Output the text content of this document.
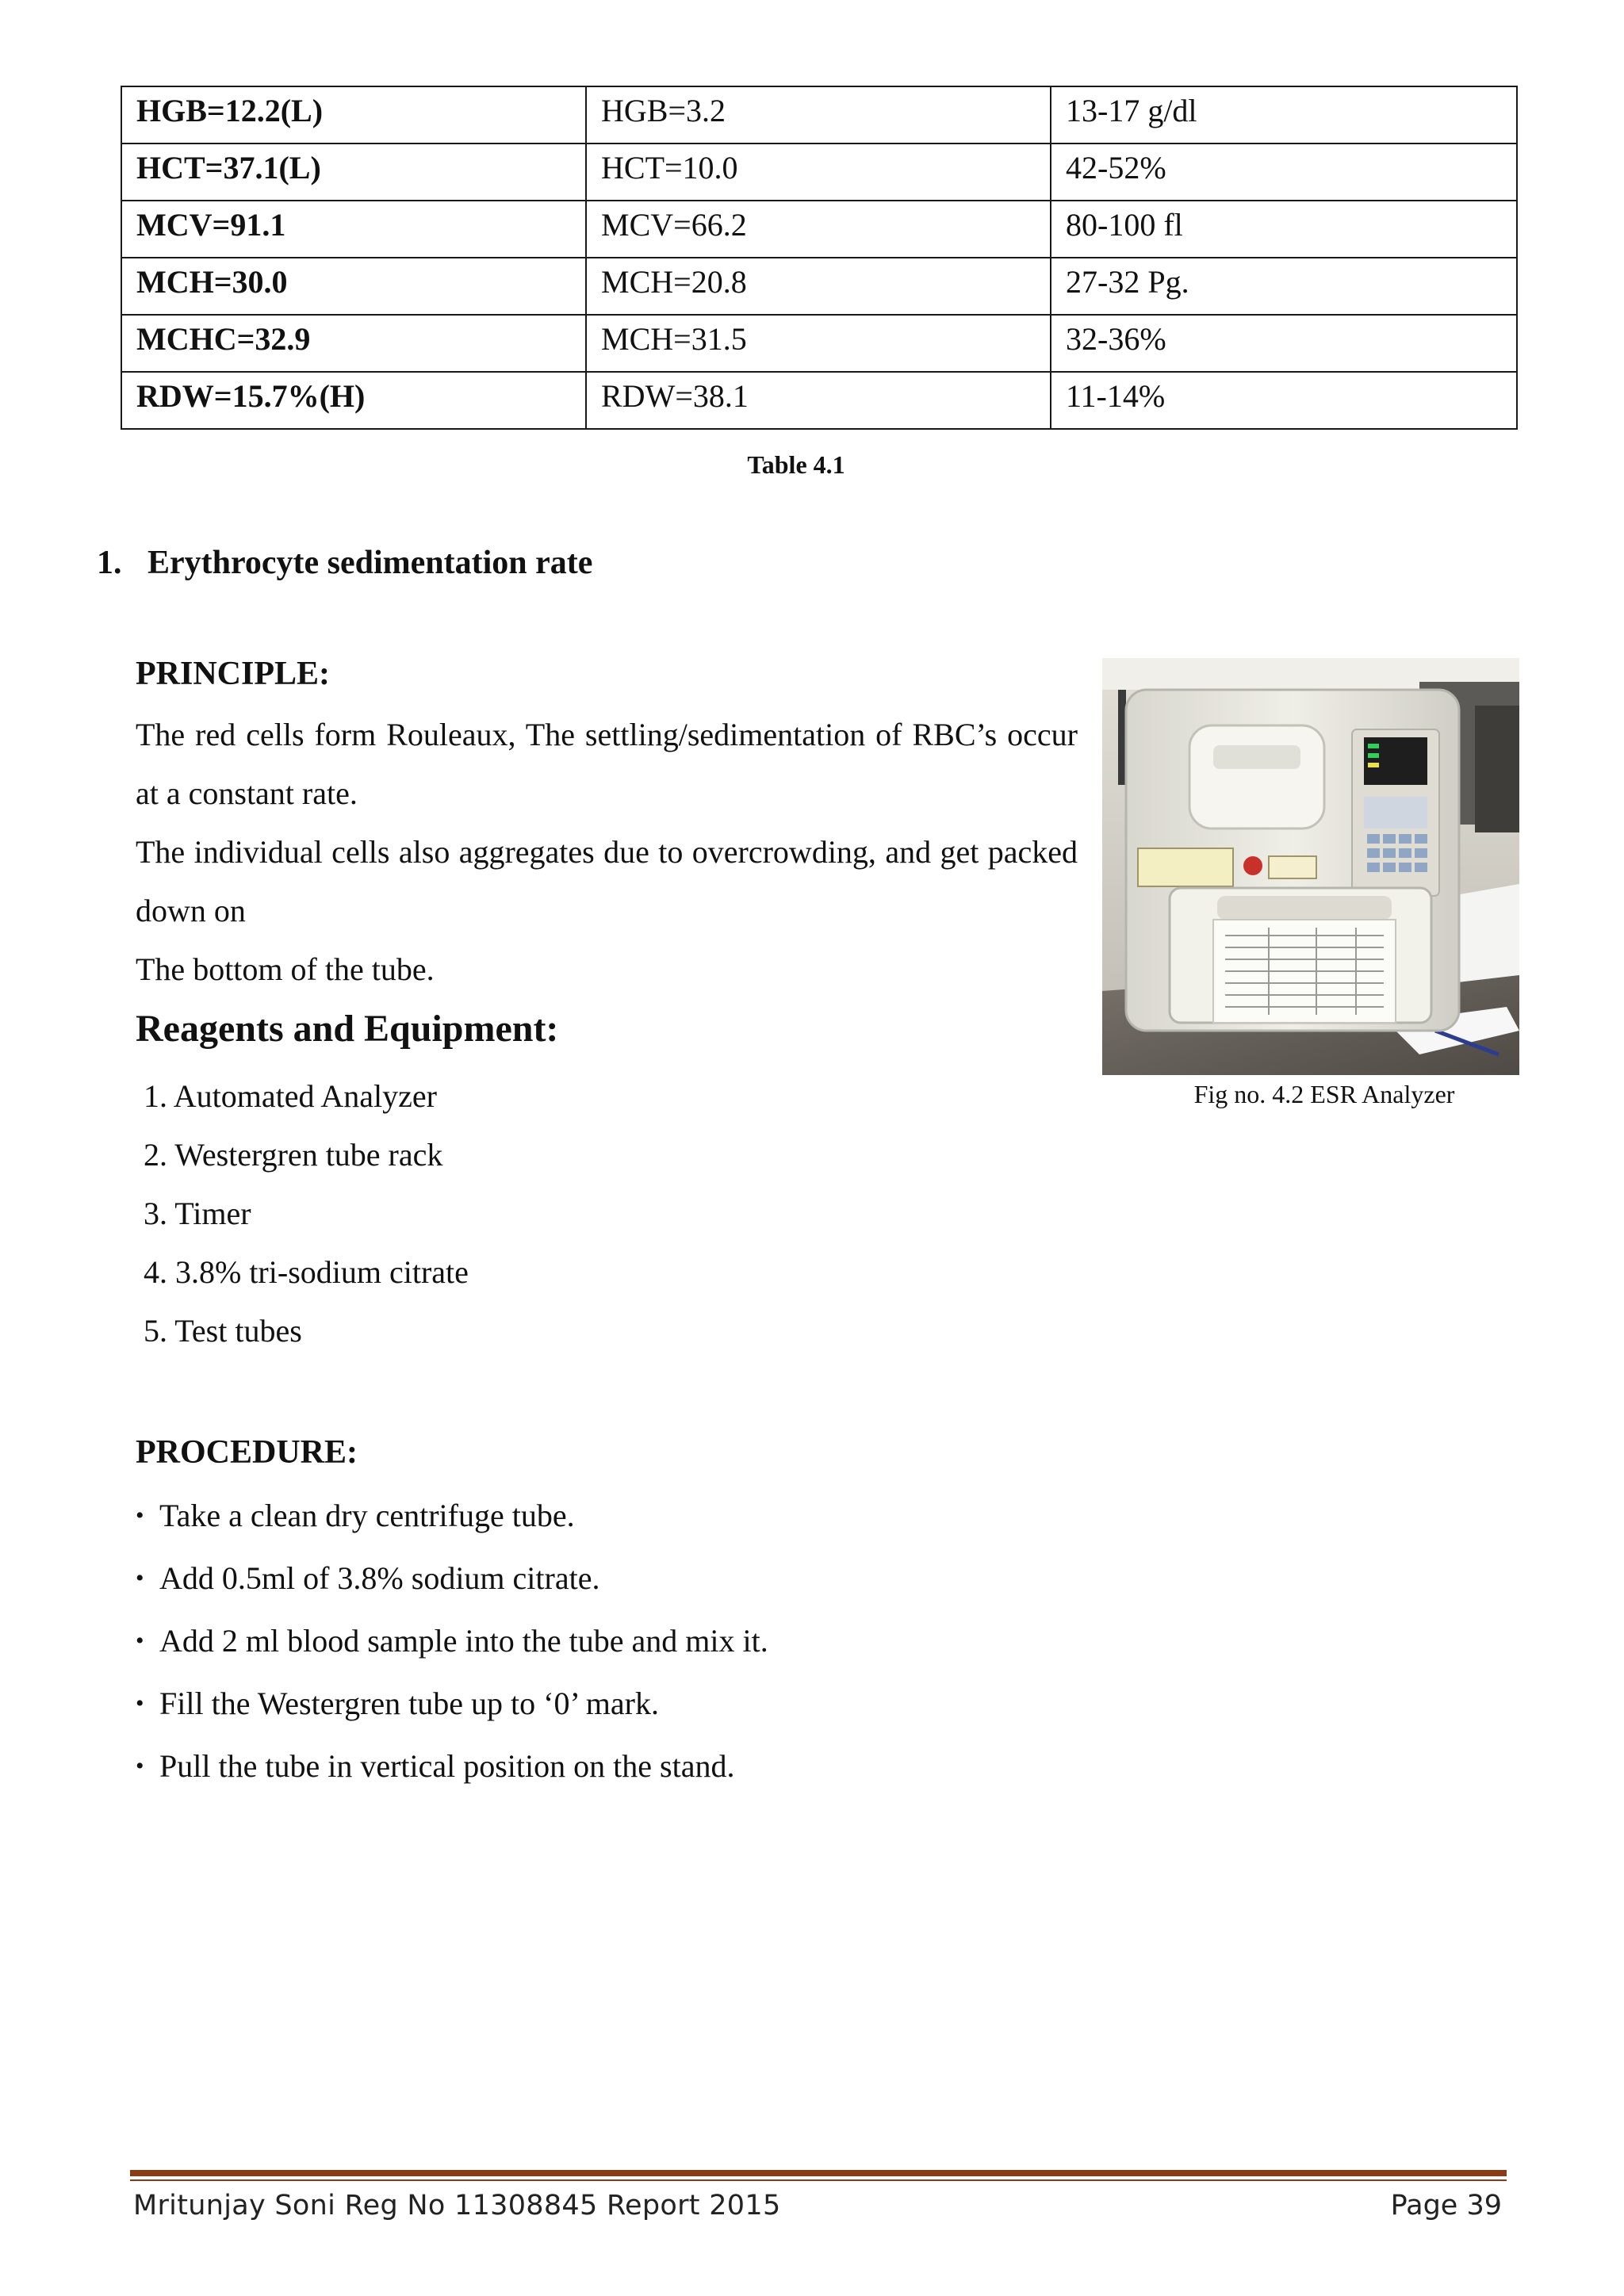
HGB=12.2(L)	HGB=3.2	13-17 g/dl
HCT=37.1(L)	HCT=10.0	42-52%
MCV=91.1	MCV=66.2	80-100 fl
MCH=30.0	MCH=20.8	27-32 Pg.
MCHC=32.9	MCH=31.5	32-36%
RDW=15.7%(H)	RDW=38.1	11-14%
Table 4.1
1. Erythrocyte sedimentation rate
PRINCIPLE:
The red cells form Rouleaux, The settling/sedimentation of RBC’s occur at a constant rate.
The individual cells also aggregates due to overcrowding, and get packed down on
The bottom of the tube.
Reagents and Equipment:
1. Automated Analyzer
2. Westergren tube rack
3. Timer
4. 3.8% tri-sodium citrate
5. Test tubes
Fig no. 4.2 ESR Analyzer
PROCEDURE:
• Take a clean dry centrifuge tube.
• Add 0.5ml of 3.8% sodium citrate.
• Add 2 ml blood sample into the tube and mix it.
• Fill the Westergren tube up to ‘0’ mark.
• Pull the tube in vertical position on the stand.
Mritunjay Soni Reg No 11308845 Report 2015	Page 39
